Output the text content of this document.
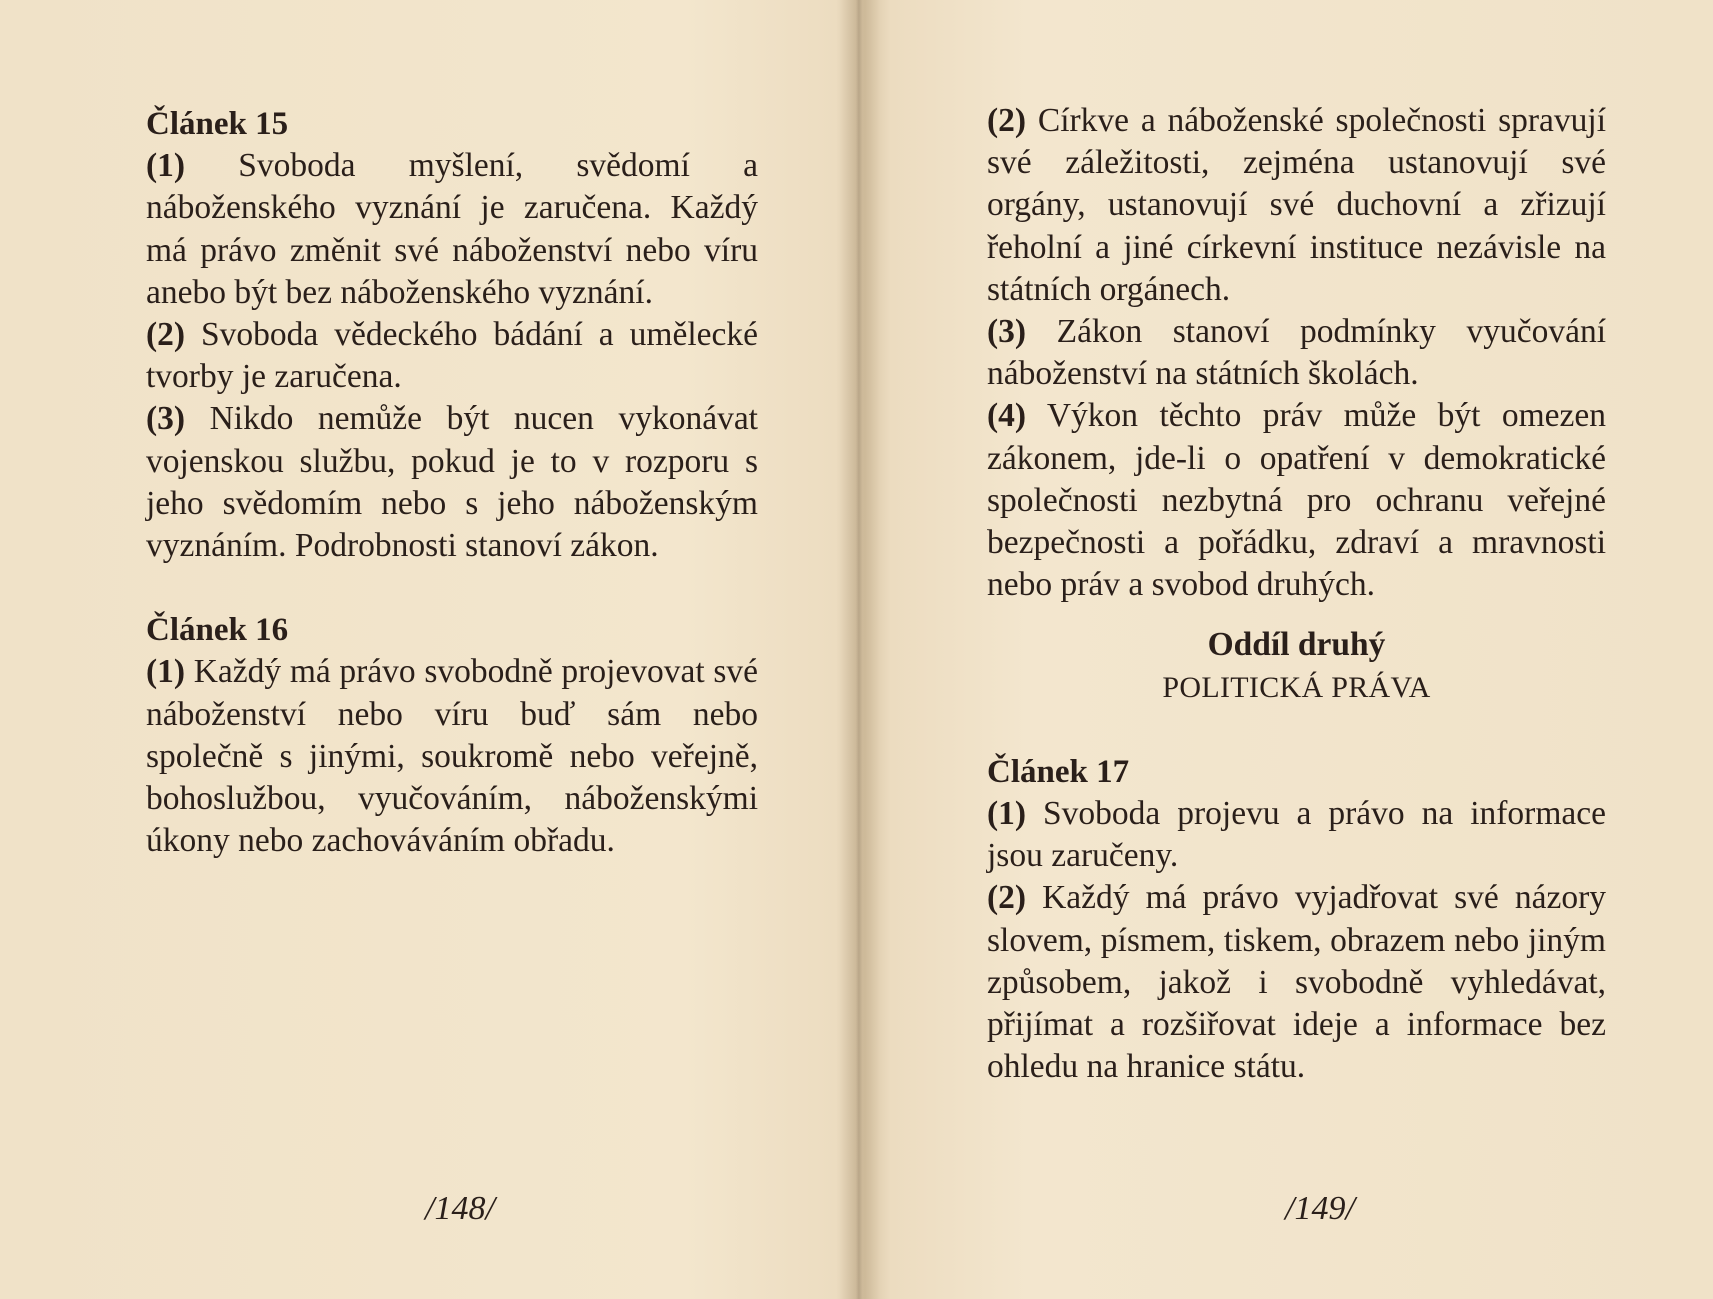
Článek 15

(1) Svoboda myšlení, svědomí a náboženského vyznání je zaručena. Každý má právo změnit své náboženství nebo víru anebo být bez náboženského vyznání.

(2) Svoboda vědeckého bádání a umělecké tvorby je zaručena.

(3) Nikdo nemůže být nucen vykonávat vojenskou službu, pokud je to v rozporu s jeho svědomím nebo s jeho náboženským vyznáním. Podrobnosti stanoví zákon.

Článek 16

(1) Každý má právo svobodně projevovat své náboženství nebo víru buď sám nebo společně s jinými, soukromě nebo veřejně, bohoslužbou, vyučováním, náboženskými úkony nebo zachováváním obřadu.

/148/

(2) Církve a náboženské společnosti spravují své záležitosti, zejména ustanovují své orgány, ustanovují své duchovní a zřizují řeholní a jiné církevní instituce nezávisle na státních orgánech.

(3) Zákon stanoví podmínky vyučování náboženství na státních školách.

(4) Výkon těchto práv může být omezen zákonem, jde-li o opatření v demokratické společnosti nezbytná pro ochranu veřejné bezpečnosti a pořádku, zdraví a mravnosti nebo práv a svobod druhých.

Oddíl druhý
POLITICKÁ PRÁVA
Článek 17

(1) Svoboda projevu a právo na informace jsou zaručeny.

(2) Každý má právo vyjadřovat své názory slovem, písmem, tiskem, obrazem nebo jiným způsobem, jakož i svobodně vyhledávat, přijímat a rozšiřovat ideje a informace bez ohledu na hranice státu.

/149/
